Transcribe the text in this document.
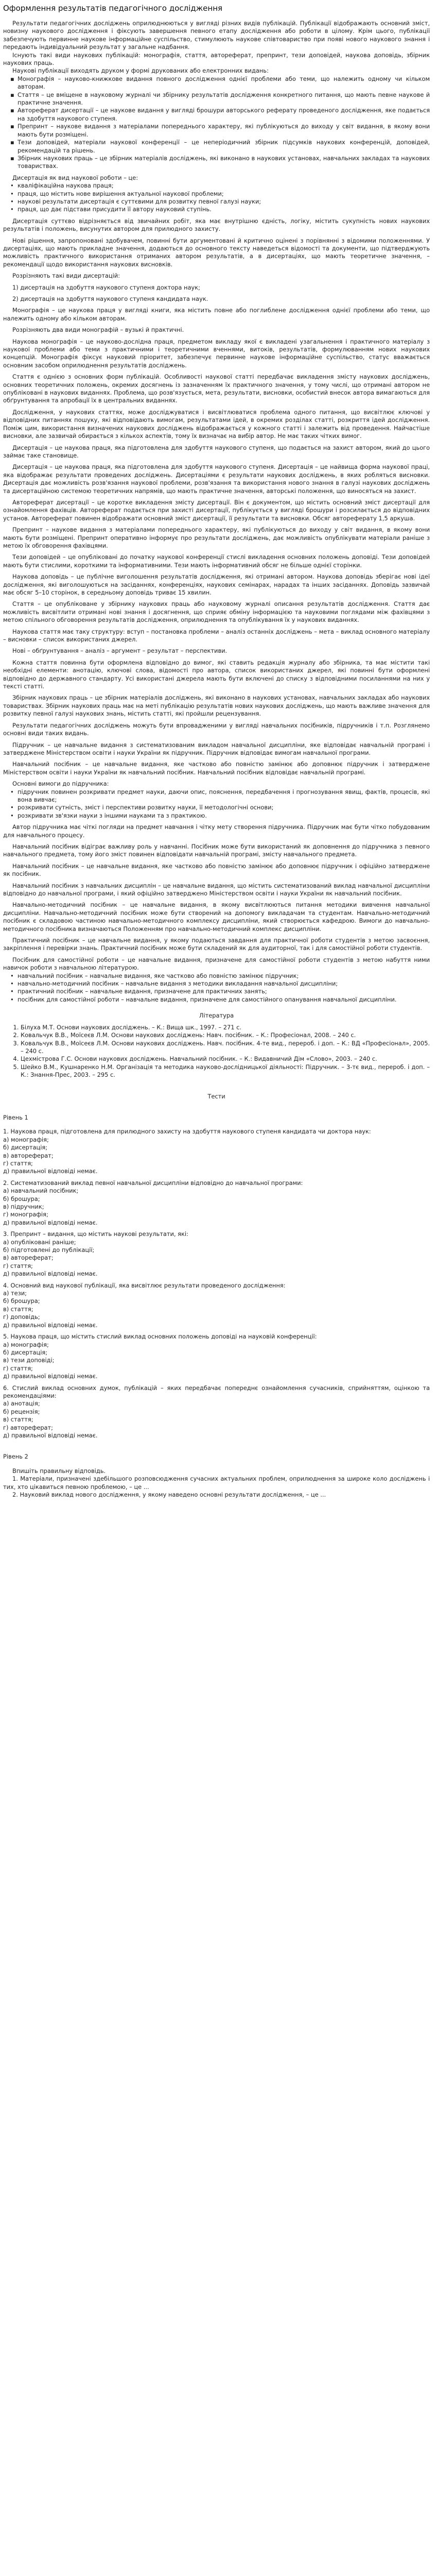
Оформлення результатів педагогічного дослідження

Результати педагогічних досліджень оприлюднюються у вигляді різних видів публікацій. Публікації відображають основний зміст, новизну наукового дослідження і фіксують завершення певного етапу дослідження або роботи в цілому. Крім цього, публікації забезпечують первинне наукове інформаційне суспільство, стимулюють наукове співтовариство при появі нового наукового знання і передають індивідуальний результат у загальне надбання.

Існують такі види наукових публікацій: монографія, стаття, автореферат, препринт, тези доповідей, наукова доповідь, збірник наукових праць.

Наукові публікації виходять друком у формі друкованих або електронних видань:

▪ Монографія – науково-книжкове видання повного дослідження однієї проблеми або теми, що належить одному чи кільком авторам.
▪ Стаття – це вміщене в науковому журналі чи збірнику результатів дослідження конкретного питання, що мають певне наукове й практичне значення.
▪ Автореферат дисертації – це наукове видання у вигляді брошури авторського реферату проведеного дослідження, яке подається на здобуття наукового ступеня.
▪ Препринт – наукове видання з матеріалами попереднього характеру, які публікуються до виходу у світ видання, в якому вони мають бути розміщені.
▪ Тези доповідей, матеріали наукової конференції – це неперіодичний збірник підсумків наукових конференцій, доповідей, рекомендацій та рішень.
▪ Збірник наукових праць – це збірник матеріалів досліджень, які виконано в наукових установах, навчальних закладах та наукових товариствах.

Дисертація як вид наукової роботи – це:

• кваліфікаційна наукова праця;
• праця, що містить нове вирішення актуальної наукової проблеми;
• наукові результати дисертація є суттєвими для розвитку певної галузі науки;
• праця, що дає підстави присудити її автору науковий ступінь.

Дисертація суттєво відрізняється від звичайних робіт, яка має внутрішню єдність, логіку, містить сукупність нових наукових результатів і положень, висунутих автором для прилюдного захисту.

Нові рішення, запропоновані здобувачем, повинні бути аргументовані й критично оцінені з порівнянні з відомими положеннями. У дисертаціях, що мають прикладне значення, додаються до основного тексту наведеться відомості та документи, що підтверджують можливість практичного використання отриманих автором результатів, а в дисертаціях, що мають теоретичне значення, – рекомендації щодо використання наукових висновків.

Розрізняють такі види дисертацій:

1) дисертація на здобуття наукового ступеня доктора наук;

2) дисертація на здобуття наукового ступеня кандидата наук.

Монографія – це наукова праця у вигляді книги, яка містить повне або поглиблене дослідження однієї проблеми або теми, що належить одному або кільком авторам.

Розрізняють два види монографій – вузькі й практичні.

Наукова монографія – це науково-дослідна праця, предметом викладу якої є викладені узагальнення і практичного матеріалу з наукової проблеми або теми з практичними і теоретичними вченнями, витоків, результатів, формулюванням нових наукових концепцій. Монографія фіксує науковий пріоритет, забезпечує первинне наукове інформаційне суспільство, статус вважається основним засобом оприлюднення результатів досліджень.

Стаття є однією з основних форм публікацій. Особливості наукової статті передбачає викладення змісту наукових досліджень, основних теоретичних положень, окремих досягнень із зазначенням їх практичного значення, у тому числі, що отримані автором не опубліковані в наукових виданнях. Проблема, що розв'язується, мета, результати, висновки, особистий внесок автора вимагаються для обґрунтування та апробації їх в центральних виданнях.

Дослідження, у наукових статтях, може досліджуватися і висвітлюватися проблема одного питання, що висвітлює ключові у відповідних питаннях пошуку, які відповідають вимогам, результатами ідей, в окремих розділах статті, розкриття ідей дослідження. Поміж цим, використання визначених наукових досліджень відображається у кожного статті і залежить від проведення. Найчастіше висновки, але зазвичай обирається з кількох аспектів, тому їх визначає на вибір автор. Не має таких чітких вимог.

Дисертація – це наукова праця, яка підготовлена для здобуття наукового ступеня, що подається на захист автором, який до цього займає таке становище.

Дисертація – це наукова праця, яка підготовлена для здобуття наукового ступеня. Дисертація – це найвища форма наукової праці, яка відображає результати проведених досліджень. Дисертаціями є результати наукових досліджень, в яких робляться висновки. Дисертація дає можливість розв'язання наукової проблеми, розв'язання та використання нового знання в галузі наукових досліджень та дисертаційною системою теоретичних напрямів, що мають практичне значення, авторські положення, що виносяться на захист.

Автореферат дисертації – це коротке викладення змісту дисертації. Він є документом, що містить основний зміст дисертації для ознайомлення фахівців. Автореферат подається при захисті дисертації, публікується у вигляді брошури і розсилається до відповідних установ. Автореферат повинен відображати основний зміст дисертації, її результати та висновки. Обсяг автореферату 1,5 аркуша.

Препринт – наукове видання з матеріалами попереднього характеру, які публікуються до виходу у світ видання, в якому вони мають бути розміщені. Препринт оперативно інформує про результати досліджень, дає можливість опублікувати матеріали раніше з метою їх обговорення фахівцями.

Тези доповідей – це опубліковані до початку наукової конференції стислі викладення основних положень доповіді. Тези доповідей мають бути стислими, короткими та інформативними. Тези мають інформативний обсяг не більше однієї сторінки.

Наукова доповідь – це публічне виголошення результатів дослідження, які отримані автором. Наукова доповідь зберігає нові ідеї дослідження, які виголошуються на засіданнях, конференціях, наукових семінарах, нарадах та інших засіданнях. Доповідь зазвичай має обсяг 5–10 сторінок, в середньому доповідь триває 15 хвилин.

Стаття – це опубліковане у збірнику наукових праць або науковому журналі описання результатів дослідження. Стаття дає можливість висвітлити отримані нові знання і досягнення, що сприяє обміну інформацією та науковими поглядами між фахівцями з метою спільного обговорення результатів дослідження, оприлюднення та опублікування їх у наукових виданнях.

Наукова стаття має таку структуру: вступ – постановка проблеми – аналіз останніх досліджень – мета – виклад основного матеріалу – висновки – список використаних джерел.

Нові – обґрунтування – аналіз – аргумент – результат – перспективи.

Кожна стаття повинна бути оформлена відповідно до вимог, які ставить редакція журналу або збірника, та має містити такі необхідні елементи: анотацію, ключові слова, відомості про автора, список використаних джерел, які повинні бути оформлені відповідно до державного стандарту. Усі використані джерела мають бути включені до списку з відповідними посиланнями на них у тексті статті.

Збірник наукових праць – це збірник матеріалів досліджень, які виконано в наукових установах, навчальних закладах або наукових товариствах. Збірник наукових праць має на меті публікацію результатів нових наукових досліджень, що мають важливе значення для розвитку певної галузі наукових знань, містить статті, які пройшли рецензування.

Результати педагогічних досліджень можуть бути впровадженими у вигляді навчальних посібників, підручників і т.п. Розглянемо основні види таких видань.

Підручник – це навчальне видання з систематизованим викладом навчальної дисципліни, яке відповідає навчальній програмі і затверджене Міністерством освіти і науки України як підручник. Підручник відповідає вимогам навчальної програми.

Навчальний посібник – це навчальне видання, яке частково або повністю замінює або доповнює підручник і затверджене Міністерством освіти і науки України як навчальний посібник. Навчальний посібник відповідає навчальній програмі.

Основні вимоги до підручника:

• підручник повинен розкривати предмет науки, даючи опис, пояснення, передбачення і прогнозування явищ, фактів, процесів, які вона вивчає;
• розкривати сутність, зміст і перспективи розвитку науки, її методологічні основи;
• розкривати зв'язки науки з іншими науками та з практикою.

Автор підручника має чіткі погляди на предмет навчання і чітку мету створення підручника. Підручник має бути чітко побудованим для навчального процесу.

Навчальний посібник відіграє важливу роль у навчанні. Посібник може бути використаний як доповнення до підручника з певного навчального предмета, тому його зміст повинен відповідати навчальній програмі, змісту навчального предмета.

Навчальний посібник – це навчальне видання, яке частково або повністю замінює або доповнює підручник і офіційно затверджене як посібник.

Навчальний посібник з навчальних дисциплін – це навчальне видання, що містить систематизований виклад навчальної дисципліни відповідно до навчальної програми, і який офіційно затверджено Міністерством освіти і науки України як навчальний посібник.

Навчально-методичний посібник – це навчальне видання, в якому висвітлюються питання методики вивчення навчальної дисципліни. Навчально-методичний посібник може бути створений на допомогу викладачам та студентам. Навчально-методичний посібник є складовою частиною навчально-методичного комплексу дисципліни, який створюється кафедрою. Вимоги до навчально-методичного посібника визначаються Положенням про навчально-методичний комплекс дисципліни.

Практичний посібник – це навчальне видання, у якому подаються завдання для практичної роботи студентів з метою засвоєння, закріплення і перевірки знань. Практичний посібник може бути складений як для аудиторної, так і для самостійної роботи студентів.

Посібник для самостійної роботи – це навчальне видання, призначене для самостійної роботи студентів з метою набуття ними навичок роботи з навчальною літературою.

• навчальний посібник – навчальне видання, яке частково або повністю замінює підручник;
• навчально-методичний посібник – навчальне видання з методики викладання навчальної дисципліни;
• практичний посібник – навчальне видання, призначене для практичних занять;
• посібник для самостійної роботи – навчальне видання, призначене для самостійного опанування навчальної дисципліни.

Література

1. Білуха М.Т. Основи наукових досліджень. – К.: Вища шк., 1997. – 271 с.
2. Ковальчук В.В., Моїсеєв Л.М. Основи наукових досліджень: Навч. посібник. – К.: Професіонал, 2008. – 240 с.
3. Ковальчук В.В., Моїсеєв Л.М. Основи наукових досліджень. Навч. посібник. 4-те вид., перероб. і доп. – К.: ВД «Професіонал», 2005. – 240 с.
4. Цехмістрова Г.С. Основи наукових досліджень. Навчальний посібник. – К.: Видавничий Дім «Слово», 2003. – 240 с.
5. Шейко В.М., Кушнаренко Н.М. Організація та методика науково-дослідницької діяльності: Підручник. – 3-тє вид., перероб. і доп. – К.: Знання-Прес, 2003. – 295 с.

Тести

Рівень 1

1. Наукова праця, підготовлена для прилюдного захисту на здобуття наукового ступеня кандидата чи доктора наук:

а) монографія;

б) дисертація;

в) автореферат;

г) стаття;

д) правильної відповіді немає.

2. Систематизований виклад певної навчальної дисципліни відповідно до навчальної програми:

а) навчальний посібник;

б) брошура;

в) підручник;

г) монографія;

д) правильної відповіді немає.

3. Препринт – видання, що містить наукові результати, які:

а) опубліковані раніше;

б) підготовлені до публікації;

в) автореферат;

г) стаття;

д) правильної відповіді немає.

4. Основний вид наукової публікації, яка висвітлює результати проведеного дослідження:

а) тези;

б) брошура;

в) стаття;

г) доповідь;

д) правильної відповіді немає.

5. Наукова праця, що містить стислий виклад основних положень доповіді на науковій конференції:

а) монографія;

б) дисертація;

в) тези доповіді;

г) стаття;

д) правильної відповіді немає.

6. Стислий виклад основних думок, публікацій – яких передбачає попереднє ознайомлення сучасників, сприйняттям, оцінкою та рекомендаціями:

а) анотація;

б) рецензія;

в) стаття;

г) автореферат;

д) правильної відповіді немає.

Рівень 2

Впишіть правильну відповідь.

1. Матеріали, призначені здебільшого розповсюдження сучасних актуальних проблем, оприлюднення за широке коло досліджень і тих, хто цікавиться певною проблемою, – це ...

2. Науковий виклад нового дослідження, у якому наведено основні результати дослідження, – це ...
